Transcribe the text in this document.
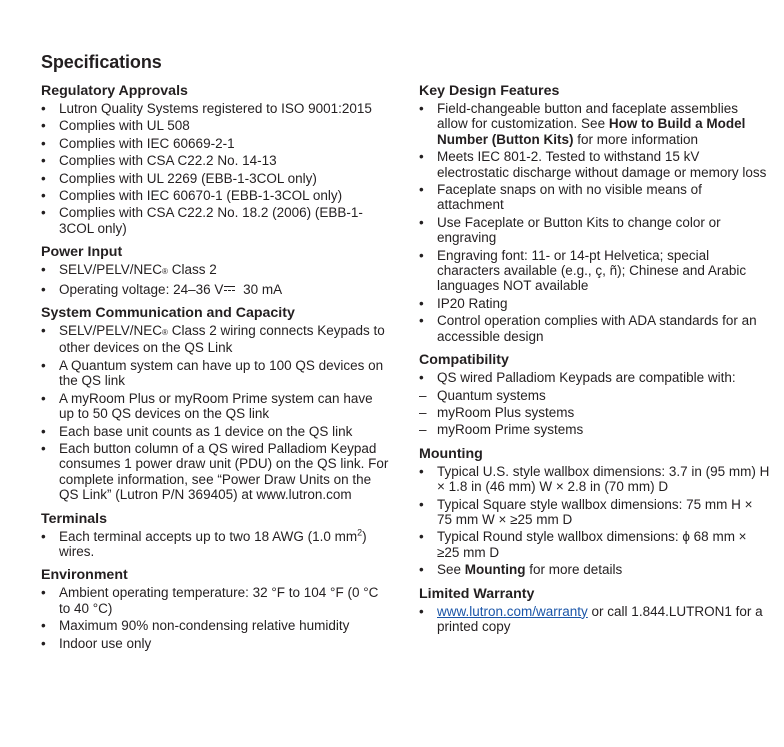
Specifications
Regulatory Approvals
• Lutron Quality Systems registered to ISO 9001:2015
• Complies with UL 508
• Complies with IEC 60669-2-1
• Complies with CSA C22.2 No. 14-13
• Complies with UL 2269 (EBB-1-3COL only)
• Complies with IEC 60670-1 (EBB-1-3COL only)
• Complies with CSA C22.2 No. 18.2 (2006) (EBB-1-3COL only)
Power Input
• SELV/PELV/NEC® Class 2
• Operating voltage: 24–36 V 30 mA
System Communication and Capacity
• SELV/PELV/NEC® Class 2 wiring connects Keypads to other devices on the QS Link
• A Quantum system can have up to 100 QS devices on the QS link
• A myRoom Plus or myRoom Prime system can have up to 50 QS devices on the QS link
• Each base unit counts as 1 device on the QS link
• Each button column of a QS wired Palladiom Keypad consumes 1 power draw unit (PDU) on the QS link. For complete information, see “Power Draw Units on the QS Link” (Lutron P/N 369405) at www.lutron.com
Terminals
• Each terminal accepts up to two 18 AWG (1.0 $mm^2$) wires.
Environment
• Ambient operating temperature: 32 °F to 104 °F (0 °C to 40 °C)
• Maximum 90% non-condensing relative humidity
• Indoor use only
Key Design Features
• Field-changeable button and faceplate assemblies allow for customization. See How to Build a Model Number (Button Kits) for more information
• Meets IEC 801-2. Tested to withstand 15 kV electrostatic discharge without damage or memory loss
• Faceplate snaps on with no visible means of attachment
• Use Faceplate or Button Kits to change color or engraving
• Engraving font: 11- or 14-pt Helvetica; special characters available (e.g., ç, ñ); Chinese and Arabic languages NOT available
• IP20 Rating
• Control operation complies with ADA standards for an accessible design
Compatibility
• QS wired Palladiom Keypads are compatible with:
– Quantum systems
– myRoom Plus systems
– myRoom Prime systems
Mounting
• Typical U.S. style wallbox dimensions: 3.7 in (95 mm) H × 1.8 in (46 mm) W × 2.8 in (70 mm) D
• Typical Square style wallbox dimensions: 75 mm H × 75 mm W × ≥25 mm D
• Typical Round style wallbox dimensions: ϕ 68 mm × ≥25 mm D
• See Mounting for more details
Limited Warranty
• www.lutron.com/warranty or call 1.844.LUTRON1 for a printed copy
